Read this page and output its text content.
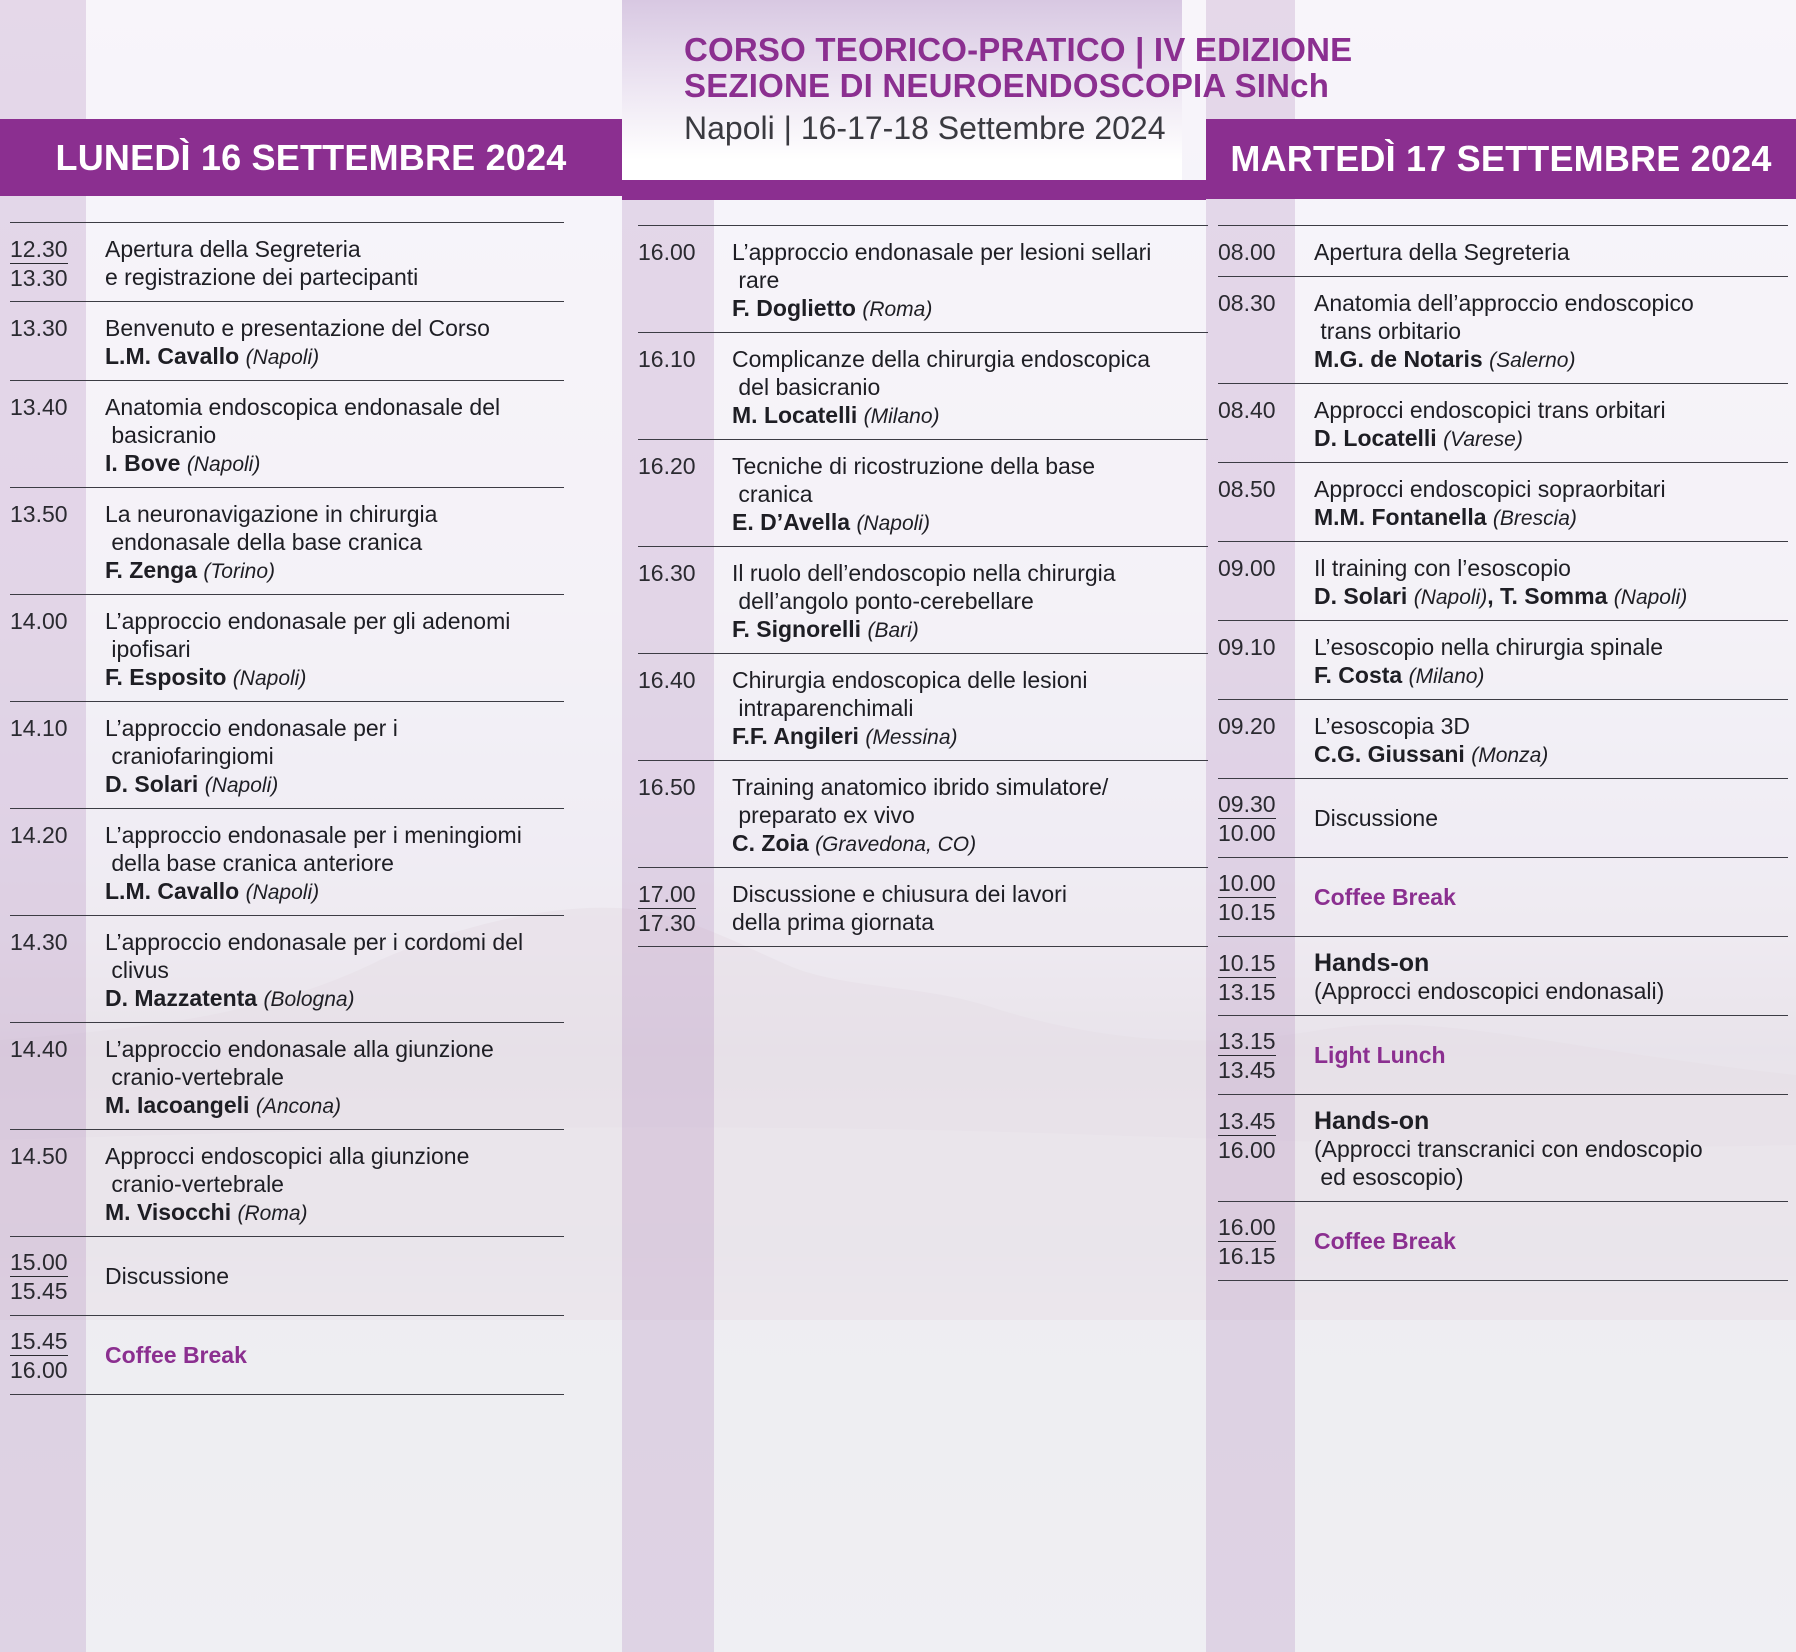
CORSO TEORICO-PRATICO | IV EDIZIONE
SEZIONE DI NEUROENDOSCOPIA SINch
Napoli | 16-17-18 Settembre 2024
LUNEDÌ 16 SETTEMBRE 2024	MARTEDÌ 17 SETTEMBRE 2024
12.30
13.30
Apertura della Segreteria
e registrazione dei partecipanti
13.30 Benvenuto e presentazione del Corso
L.M. Cavallo (Napoli)
13.40 Anatomia endoscopica endonasale del
basicranio
I. Bove (Napoli)
13.50 La neuronavigazione in chirurgia
endonasale della base cranica
F. Zenga (Torino)
14.00 L’approccio endonasale per gli adenomi
ipofisari
F. Esposito (Napoli)
14.10 L’approccio endonasale per i
craniofaringiomi
D. Solari (Napoli)
14.20 L’approccio endonasale per i meningiomi
della base cranica anteriore
L.M. Cavallo (Napoli)
14.30 L’approccio endonasale per i cordomi del
clivus
D. Mazzatenta (Bologna)
14.40 L’approccio endonasale alla giunzione
cranio-vertebrale
M. Iacoangeli (Ancona)
14.50 Approcci endoscopici alla giunzione
cranio-vertebrale
M. Visocchi (Roma)
15.00
15.45
Discussione
15.45
16.00
Coffee Break
16.00 L’approccio endonasale per lesioni sellari
rare
F. Doglietto (Roma)
16.10 Complicanze della chirurgia endoscopica
del basicranio
M. Locatelli (Milano)
16.20 Tecniche di ricostruzione della base
cranica
E. D’Avella (Napoli)
16.30 Il ruolo dell’endoscopio nella chirurgia
dell’angolo ponto-cerebellare
F. Signorelli (Bari)
16.40 Chirurgia endoscopica delle lesioni
intraparenchimali
F.F. Angileri (Messina)
16.50 Training anatomico ibrido simulatore/
preparato ex vivo
C. Zoia (Gravedona, CO)
17.00
17.30
Discussione e chiusura dei lavori
della prima giornata
08.00 Apertura della Segreteria
08.30 Anatomia dell’approccio endoscopico
trans orbitario
M.G. de Notaris (Salerno)
08.40 Approcci endoscopici trans orbitari
D. Locatelli (Varese)
08.50 Approcci endoscopici sopraorbitari
M.M. Fontanella (Brescia)
09.00 Il training con l’esoscopio
D. Solari (Napoli), T. Somma (Napoli)
09.10 L’esoscopio nella chirurgia spinale
F. Costa (Milano)
09.20 L’esoscopia 3D
C.G. Giussani (Monza)
09.30
10.00
Discussione
10.00
10.15
Coffee Break
10.15
13.15
Hands-on
(Approcci endoscopici endonasali)
13.15
13.45
Light Lunch
13.45
16.00
Hands-on
(Approcci transcranici con endoscopio
ed esoscopio)
16.00
16.15
Coffee Break
